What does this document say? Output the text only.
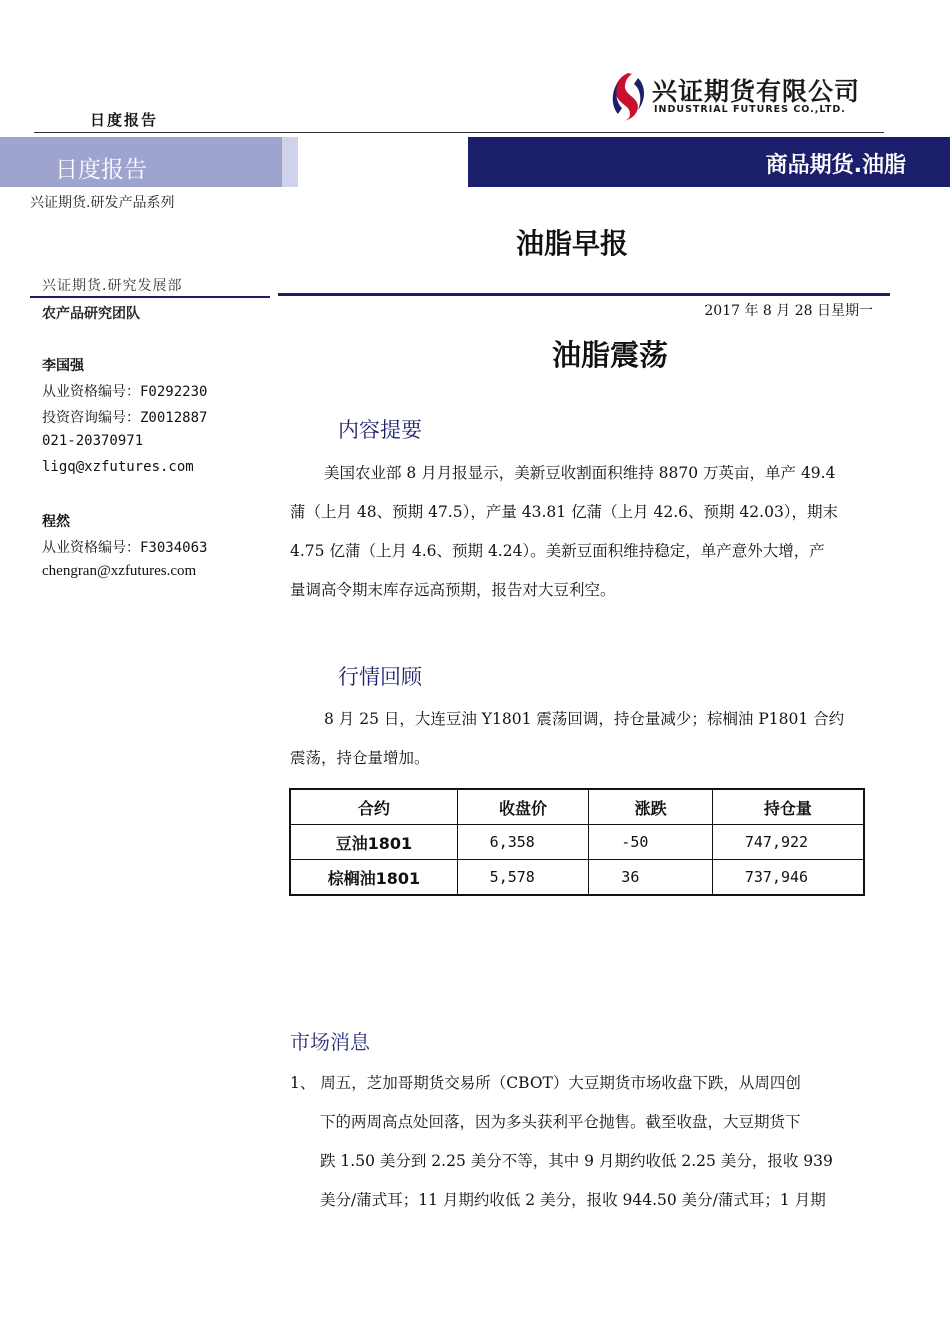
兴证期货有限公司
INDUSTRIAL FUTURES CO.,LTD.
日度报告
日度报告	商品期货.油脂
兴证期货.研发产品系列
油脂早报
兴证期货.研究发展部
农产品研究团队
李国强
从业资格编号：F0292230
投资咨询编号：Z0012887
021-20370971
ligq@xzfutures.com
程然
从业资格编号：F3034063
chengran@xzfutures.com
2017 年 8 月 28 日星期一
油脂震荡
内容提要

美国农业部 8 月月报显示，美新豆收割面积维持 8870 万英亩，单产 49.4

蒲（上月 48、预期 47.5），产量 43.81 亿蒲（上月 42.6、预期 42.03），期末

4.75 亿蒲（上月 4.6、预期 4.24）。美新豆面积维持稳定，单产意外大增，产

量调高令期末库存远高预期，报告对大豆利空。

行情回顾

8 月 25 日，大连豆油 Y1801 震荡回调，持仓量减少；棕榈油 P1801 合约

震荡，持仓量增加。

合约	收盘价	涨跌	持仓量
豆油1801	6,358	-50	747,922
棕榈油1801	5,578	36	737,946
市场消息

1、 周五，芝加哥期货交易所（CBOT）大豆期货市场收盘下跌，从周四创

下的两周高点处回落，因为多头获利平仓抛售。截至收盘，大豆期货下

跌 1.50 美分到 2.25 美分不等，其中 9 月期约收低 2.25 美分，报收 939

美分/蒲式耳；11 月期约收低 2 美分，报收 944.50 美分/蒲式耳；1 月期
